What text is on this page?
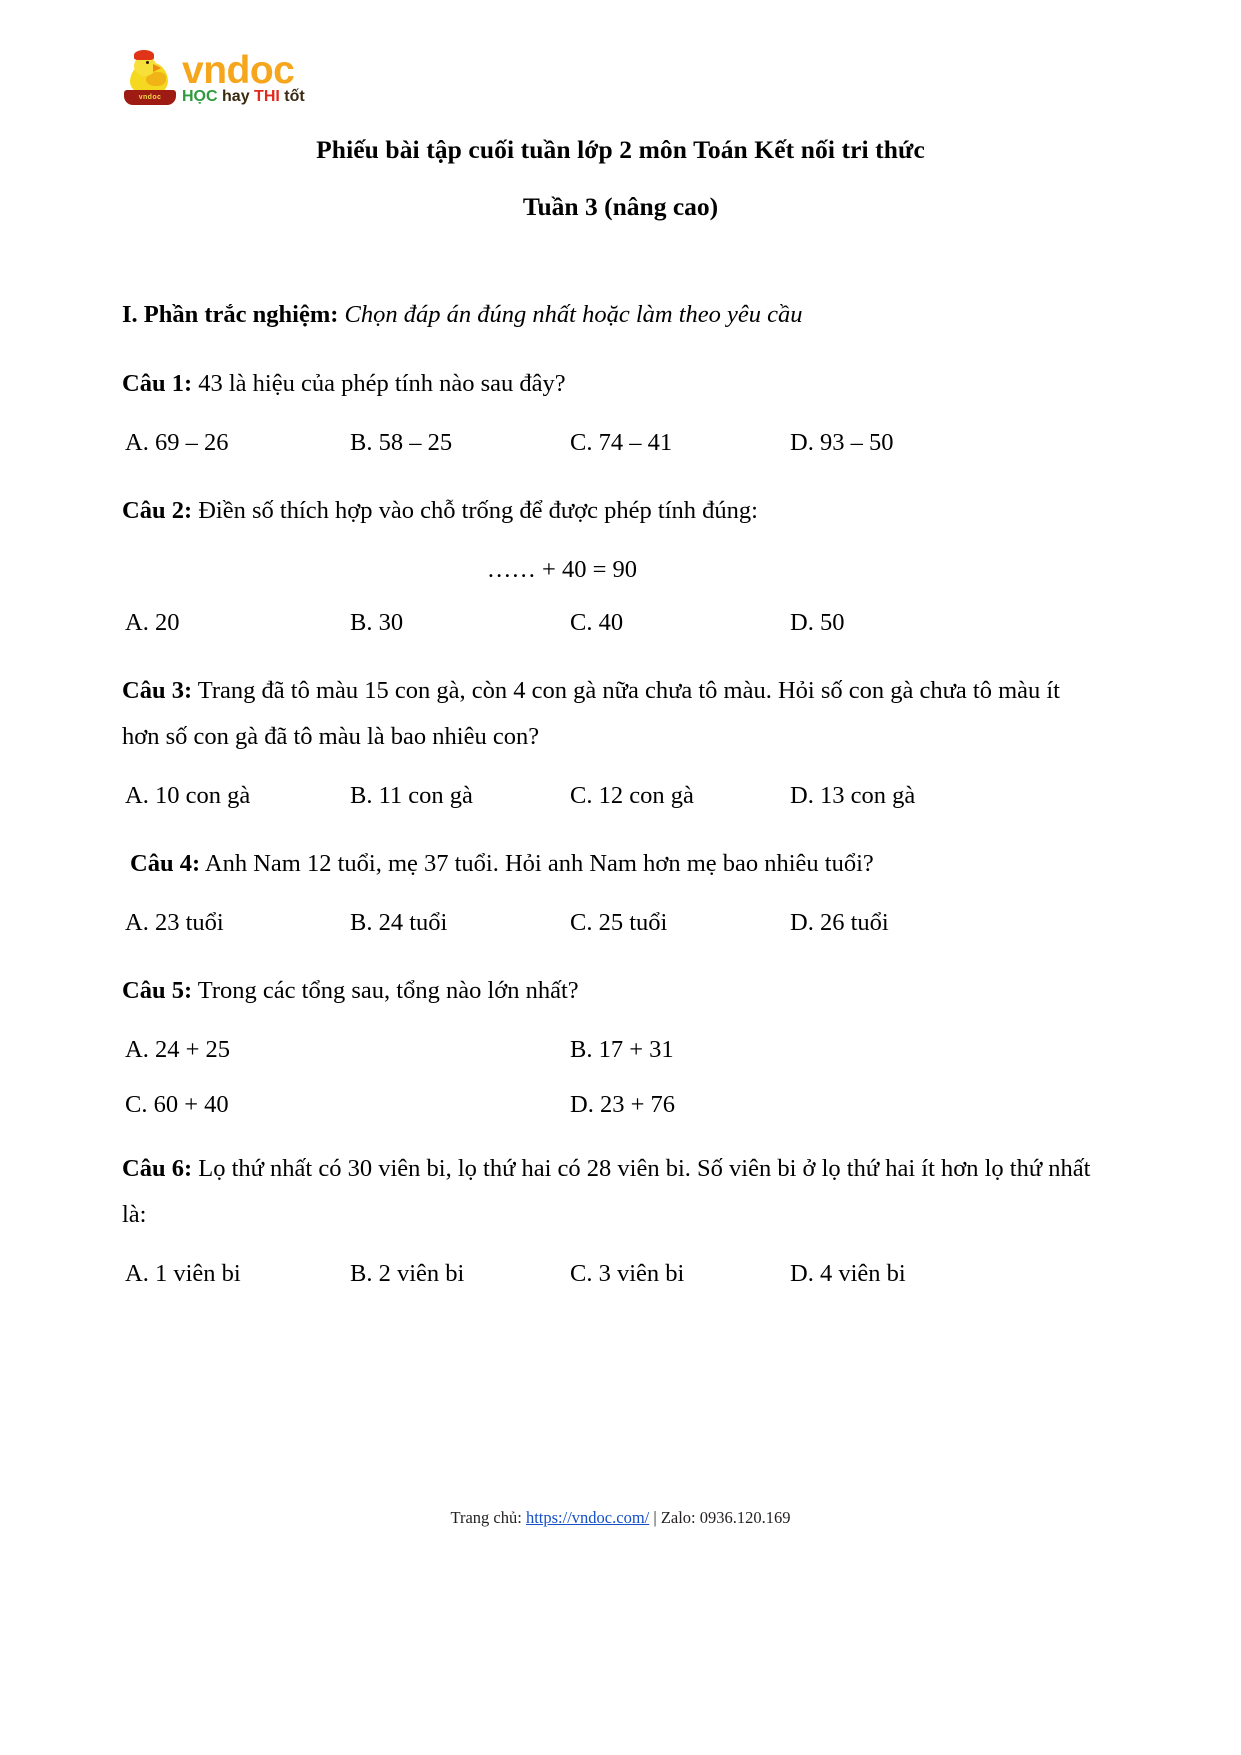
vndoc
vndoc
HỌC hay THI tốt
Phiếu bài tập cuối tuần lớp 2 môn Toán Kết nối tri thức
Tuần 3 (nâng cao)
I. Phần trắc nghiệm: Chọn đáp án đúng nhất hoặc làm theo yêu cầu
Câu 1: 43 là hiệu của phép tính nào sau đây?
A. 69 – 26	B. 58 – 25	C. 74 – 41	D. 93 – 50
Câu 2: Điền số thích hợp vào chỗ trống để được phép tính đúng:
…… + 40 = 90
A. 20	B. 30	C. 40	D. 50
Câu 3: Trang đã tô màu 15 con gà, còn 4 con gà nữa chưa tô màu. Hỏi số con gà chưa tô màu ít hơn số con gà đã tô màu là bao nhiêu con?
A. 10 con gà	B. 11 con gà	C. 12 con gà	D. 13 con gà
Câu 4: Anh Nam 12 tuổi, mẹ 37 tuổi. Hỏi anh Nam hơn mẹ bao nhiêu tuổi?
A. 23 tuổi	B. 24 tuổi	C. 25 tuổi	D. 26 tuổi
Câu 5: Trong các tổng sau, tổng nào lớn nhất?
A. 24 + 25	B. 17 + 31
C. 60 + 40	D. 23 + 76
Câu 6: Lọ thứ nhất có 30 viên bi, lọ thứ hai có 28 viên bi. Số viên bi ở lọ thứ hai ít hơn lọ thứ nhất là:
A. 1 viên bi	B. 2 viên bi	C. 3 viên bi	D. 4 viên bi
Trang chủ: https://vndoc.com/ | Zalo: 0936.120.169
